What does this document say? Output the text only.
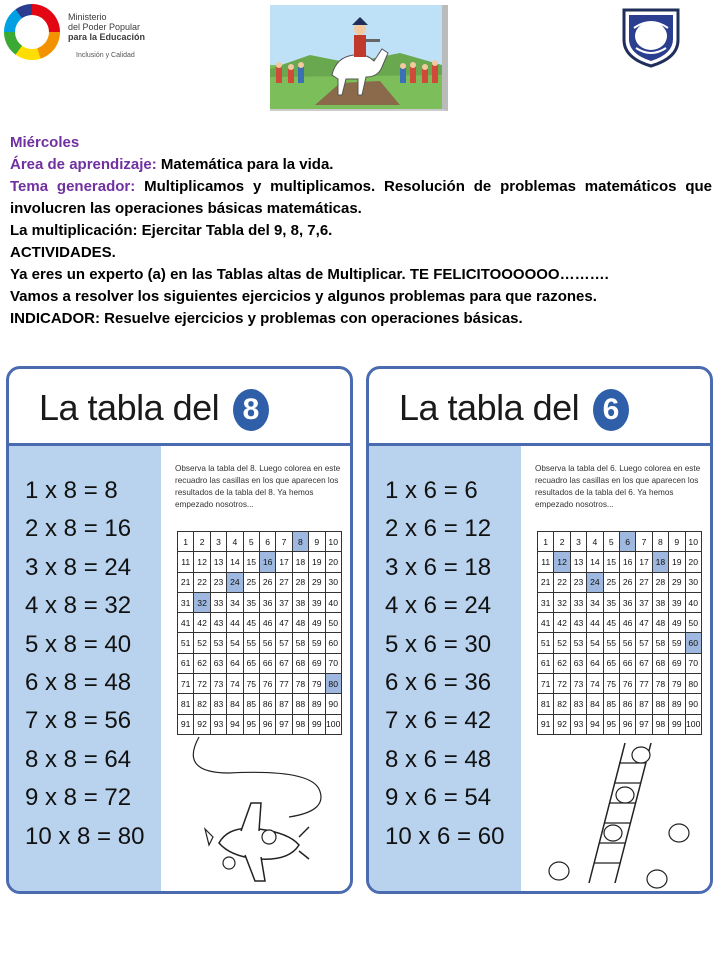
Ministerio
del Poder Popular
para la Educación
Inclusión y Calidad

Miércoles

Área de aprendizaje: Matemática para la vida.

Tema generador: Multiplicamos y multiplicamos. Resolución de problemas matemáticos que involucren las operaciones básicas matemáticas.

La multiplicación: Ejercitar Tabla del 9, 8, 7,6.

ACTIVIDADES.

Ya eres un experto (a) en las Tablas altas de Multiplicar. TE FELICITOOOOOO……….

Vamos a resolver los siguientes ejercicios y algunos problemas para que razones.

INDICADOR: Resuelve ejercicios y problemas con operaciones básicas.

La tabla del 8
1 x 8 = 8
2 x 8 = 16
3 x 8 = 24
4 x 8 = 32
5 x 8 = 40
6 x 8 = 48
7 x 8 = 56
8 x 8 = 64
9 x 8 = 72
10 x 8 = 80
Observa la tabla del 8. Luego colorea en este recuadro las casillas en los que aparecen los resultados de la tabla del 8. Ya hemos empezado nosotros...
1	2	3	4	5	6	7	8	9	10
11	12	13	14	15	16	17	18	19	20
21	22	23	24	25	26	27	28	29	30
31	32	33	34	35	36	37	38	39	40
41	42	43	44	45	46	47	48	49	50
51	52	53	54	55	56	57	58	59	60
61	62	63	64	65	66	67	68	69	70
71	72	73	74	75	76	77	78	79	80
81	82	83	84	85	86	87	88	89	90
91	92	93	94	95	96	97	98	99	100
La tabla del 6
1 x 6 = 6
2 x 6 = 12
3 x 6 = 18
4 x 6 = 24
5 x 6 = 30
6 x 6 = 36
7 x 6 = 42
8 x 6 = 48
9 x 6 = 54
10 x 6 = 60
Observa la tabla del 6. Luego colorea en este recuadro las casillas en los que aparecen los resultados de la tabla del 6. Ya hemos empezado nosotros...
1	2	3	4	5	6	7	8	9	10
11	12	13	14	15	16	17	18	19	20
21	22	23	24	25	26	27	28	29	30
31	32	33	34	35	36	37	38	39	40
41	42	43	44	45	46	47	48	49	50
51	52	53	54	55	56	57	58	59	60
61	62	63	64	65	66	67	68	69	70
71	72	73	74	75	76	77	78	79	80
81	82	83	84	85	86	87	88	89	90
91	92	93	94	95	96	97	98	99	100
